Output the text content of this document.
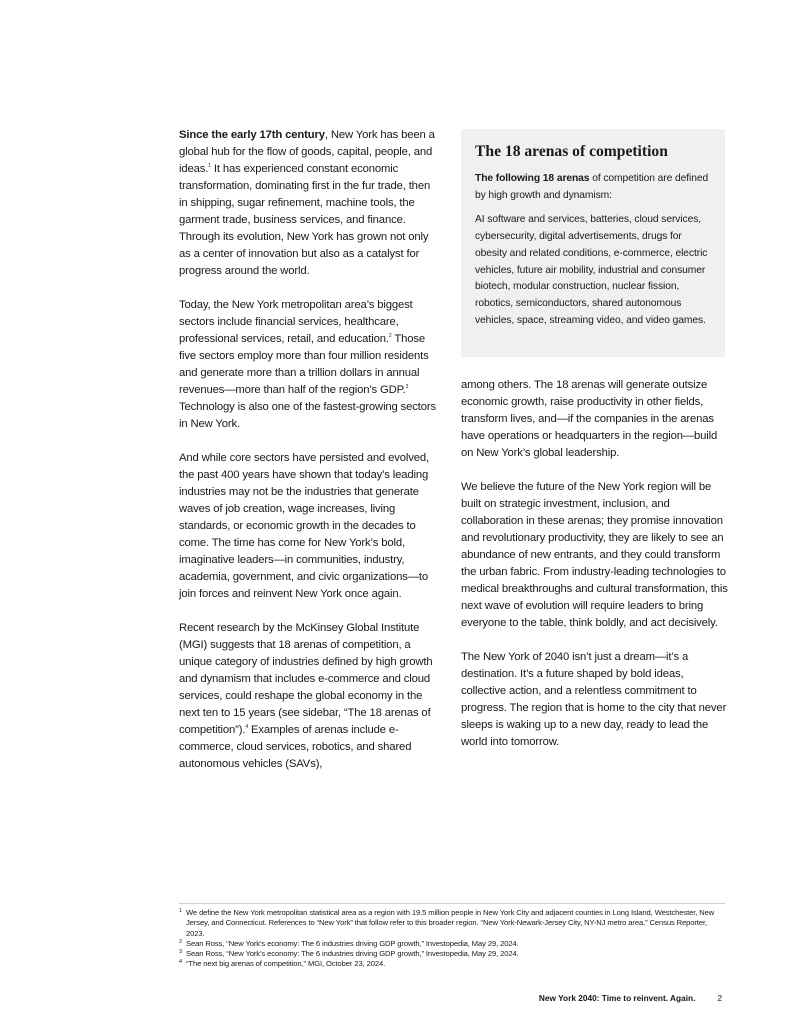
Since the early 17th century, New York has been a global hub for the flow of goods, capital, people, and ideas.$^1$ It has experienced constant economic transformation, dominating first in the fur trade, then in shipping, sugar refinement, machine tools, the garment trade, business services, and finance. Through its evolution, New York has grown not only as a center of innovation but also as a catalyst for progress around the world.

Today, the New York metropolitan area’s biggest sectors include financial services, healthcare, professional services, retail, and education.$^2$ Those five sectors employ more than four million residents and generate more than a trillion dollars in annual revenues—more than half of the region’s GDP.$^3$ Technology is also one of the fastest-growing sectors in New York.

And while core sectors have persisted and evolved, the past 400 years have shown that today’s leading industries may not be the industries that generate waves of job creation, wage increases, living standards, or economic growth in the decades to come. The time has come for New York’s bold, imaginative leaders—in communities, industry, academia, government, and civic organizations—to join forces and reinvent New York once again.

Recent research by the McKinsey Global Institute (MGI) suggests that 18 arenas of competition, a unique category of industries defined by high growth and dynamism that includes e-commerce and cloud services, could reshape the global economy in the next ten to 15 years (see sidebar, “The 18 arenas of competition”).$^4$ Examples of arenas include e-commerce, cloud services, robotics, and shared autonomous vehicles (SAVs),

The 18 arenas of competition

The following 18 arenas of competition are defined by high growth and dynamism:

AI software and services, batteries, cloud services, cybersecurity, digital advertisements, drugs for obesity and related conditions, e-commerce, electric vehicles, future air mobility, industrial and consumer biotech, modular construction, nuclear fission, robotics, semiconductors, shared autonomous vehicles, space, streaming video, and video games.

among others. The 18 arenas will generate outsize economic growth, raise productivity in other fields, transform lives, and—if the companies in the arenas have operations or headquarters in the region—build on New York’s global leadership.

We believe the future of the New York region will be built on strategic investment, inclusion, and collaboration in these arenas; they promise innovation and revolutionary productivity, they are likely to see an abundance of new entrants, and they could transform the urban fabric. From industry-leading technologies to medical breakthroughs and cultural transformation, this next wave of evolution will require leaders to bring everyone to the table, think boldly, and act decisively.

The New York of 2040 isn’t just a dream—it’s a destination. It’s a future shaped by bold ideas, collective action, and a relentless commitment to progress. The region that is home to the city that never sleeps is waking up to a new day, ready to lead the world into tomorrow.

1 We define the New York metropolitan statistical area as a region with 19.5 million people in New York City and adjacent counties in Long Island, Westchester, New Jersey, and Connecticut. References to “New York” that follow refer to this broader region. “New York-Newark-Jersey City, NY-NJ metro area,” Census Reporter, 2023.
2 Sean Ross, “New York’s economy: The 6 industries driving GDP growth,” Investopedia, May 29, 2024.
3 Sean Ross, “New York’s economy: The 6 industries driving GDP growth,” Investopedia, May 29, 2024.
4 “The next big arenas of competition,” MGI, October 23, 2024.
New York 2040: Time to reinvent. Again.	2
